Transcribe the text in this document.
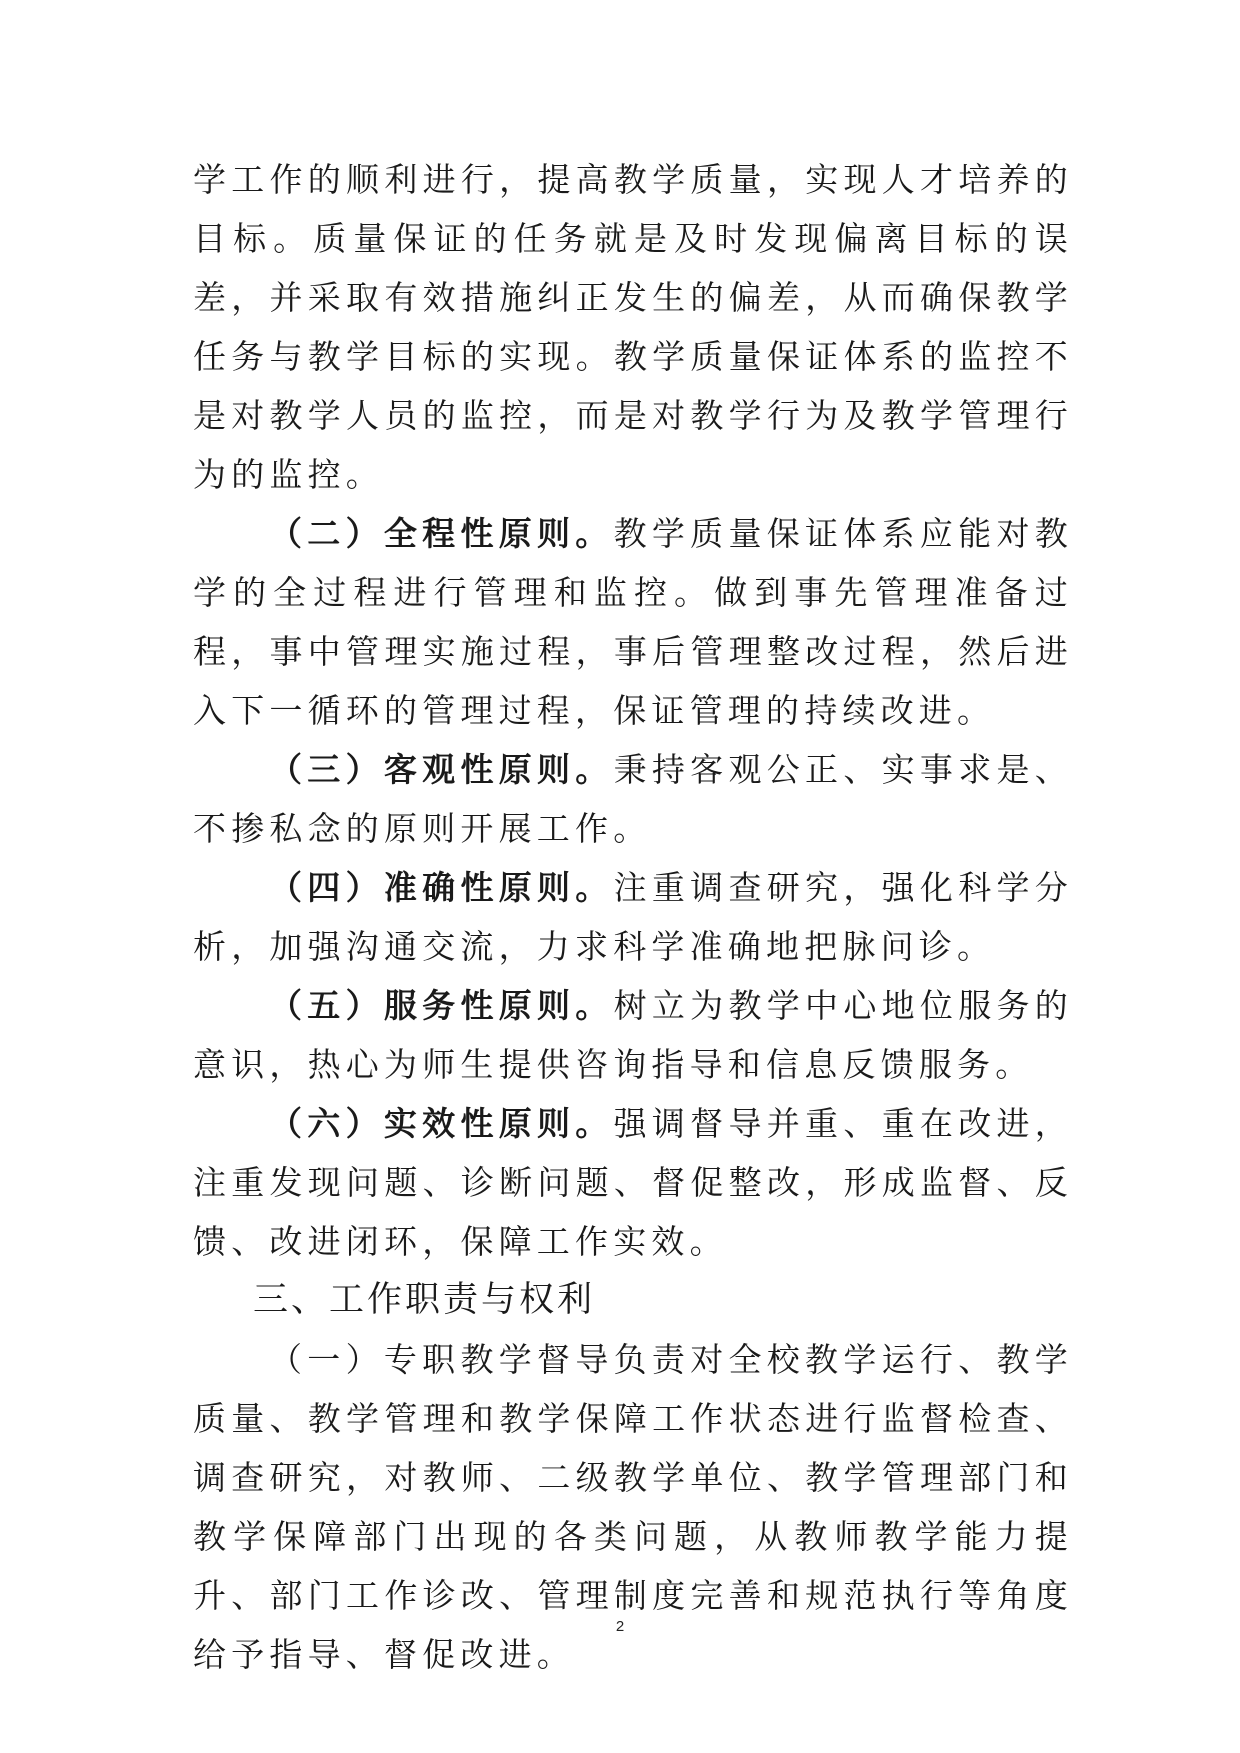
学工作的顺利进行，提高教学质量，实现人才培养的目标。质量保证的任务就是及时发现偏离目标的误差，并采取有效措施纠正发生的偏差，从而确保教学任务与教学目标的实现。教学质量保证体系的监控不是对教学人员的监控，而是对教学行为及教学管理行为的监控。

（二）全程性原则。教学质量保证体系应能对教学的全过程进行管理和监控。做到事先管理准备过程，事中管理实施过程，事后管理整改过程，然后进入下一循环的管理过程，保证管理的持续改进。

（三）客观性原则。秉持客观公正、实事求是、不掺私念的原则开展工作。

（四）准确性原则。注重调查研究，强化科学分析，加强沟通交流，力求科学准确地把脉问诊。

（五）服务性原则。树立为教学中心地位服务的意识，热心为师生提供咨询指导和信息反馈服务。

（六）实效性原则。强调督导并重、重在改进，注重发现问题、诊断问题、督促整改，形成监督、反馈、改进闭环，保障工作实效。

三、工作职责与权利

（一）专职教学督导负责对全校教学运行、教学质量、教学管理和教学保障工作状态进行监督检查、调查研究，对教师、二级教学单位、教学管理部门和教学保障部门出现的各类问题，从教师教学能力提升、部门工作诊改、管理制度完善和规范执行等角度给予指导、督促改进。

2
